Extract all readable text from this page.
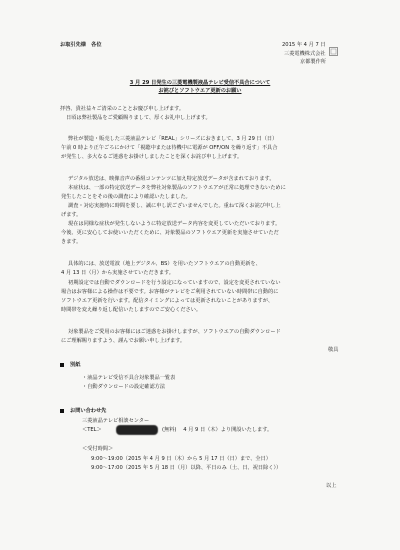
お取引先様　各位	2015 年 4 月 7 日
三菱電機株式会社
京都製作所
3 月 29 日発生の三菱電機製液晶テレビ受信不具合について
お詫びとソフトウエア更新のお願い
拝啓、貴社益々ご清栄のこととお慶び申し上げます。
日頃は弊社製品をご愛顧賜りまして、厚くお礼申し上げます。
弊社が製造・販売した三菱液晶テレビ「REAL」シリーズにおきまして、3 月 29 日（日）
午前 0 時より正午ごろにかけて「視聴中または待機中に電源が OFF/ON を繰り返す」不具合
が発生し、多大なるご迷惑をお掛けしましたことを深くお詫び申し上げます。
デジタル放送は、映像音声の番組コンテンツに加え特定放送データが含まれております。
本症状は、一部の特定放送データを弊社対象製品のソフトウエアが正常に処理できないために
発生したことをその後の調査により確認いたしました。
調査・対応実施時に時間を要し、誠に申し訳ございませんでした。重ねて深くお詫び申し上
げます。
現在は同様な症状が発生しないように特定放送データ内容を変更していただいております。
今後、更に安心してお使いいただくために、対象製品のソフトウエア更新を実施させていただ
きます。
具体的には、放送電波（地上デジタル、BS）を用いたソフトウエアの自動更新を、
4 月 13 日（月）から実施させていただきます。
初期設定では自動でダウンロードを行う設定になっていますので、設定を変更されていない
場合はお客様による操作は不要です。お客様がテレビをご利用されていない時間帯に自動的に
ソフトウエア更新を行います。配信タイミングによっては更新されないことがありますが、
時間帯を変え繰り返し配信いたしますのでご安心ください。
対象製品をご愛用のお客様にはご迷惑をお掛けしますが、ソフトウエアの自動ダウンロード
にご理解賜りますよう、謹んでお願い申し上げます。
敬具
別紙
・液晶テレビ受信不具合対象製品一覧表
・自動ダウンロードの設定確認方法
お問い合わせ先
三菱液晶テレビ相談センター
＜TEL＞	(無料)　 4 月 9 日（木）より開設いたします。
＜受付時間＞
9:00〜19:00（2015 年 4 月 9 日（木）から 5 月 17 日（日）まで、全日）
9:00〜17:00（2015 年 5 月 18 日（月）以降、平日のみ（土、日、祝日除く））
以上
